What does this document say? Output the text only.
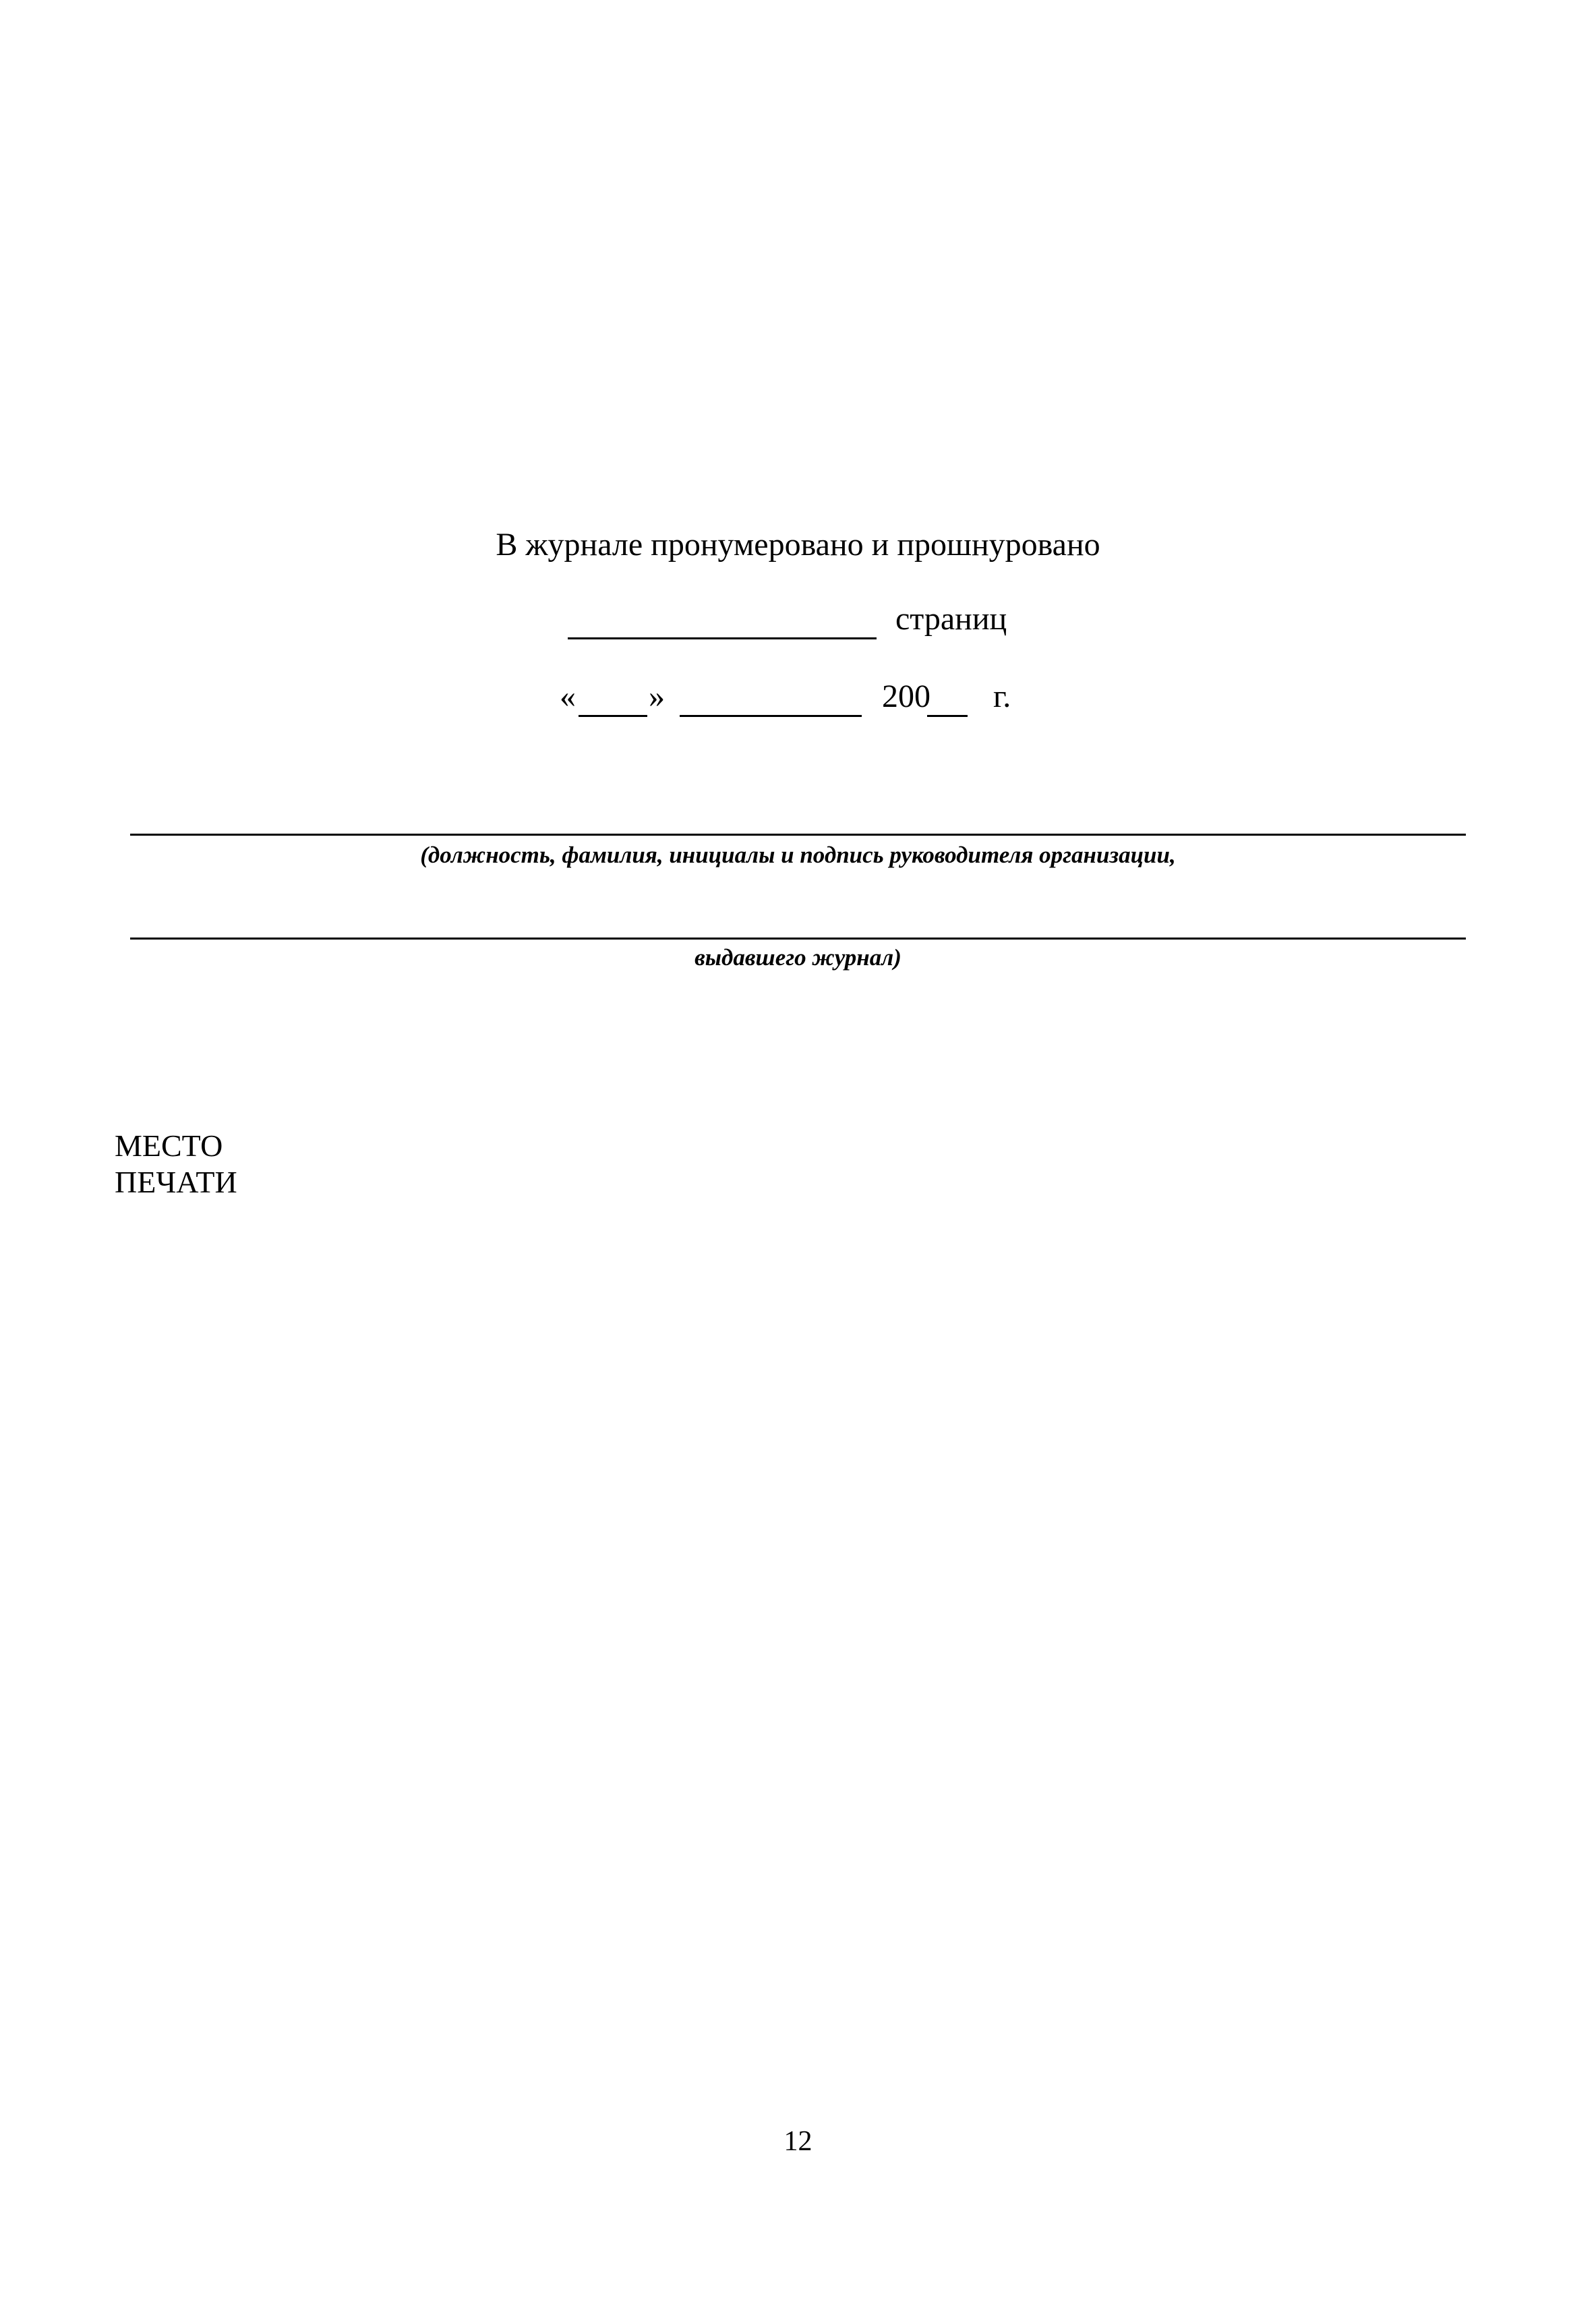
В журнале пронумеровано и прошнуровано
страниц
« »	200 г.
(должность, фамилия, инициалы и подпись руководителя организации,
выдавшего журнал)
МЕСТО
ПЕЧАТИ
12
